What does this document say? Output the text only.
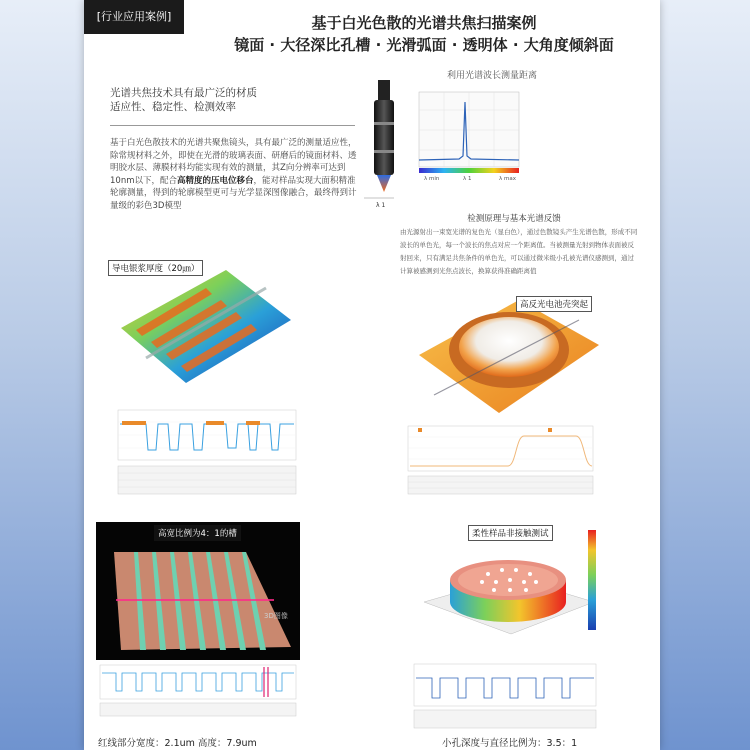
[行业应用案例]	基于白光色散的光谱共焦扫描案例
镜面 · 大径深比孔槽 · 光滑弧面 · 透明体 · 大角度倾斜面
光谱共焦技术具有最广泛的材质
适应性、稳定性、检测效率
基于白光色散技术的光谱共聚焦镜头，具有最广泛的测量适应性，除常规材料之外，即使在光滑的玻璃表面、研磨后的镜面材料、透明胶水层、薄膜材料均能实现有效的测量，其Z向分辨率可达到10nm以下，配合高精度的压电位移台，能对样品实现大面积精准轮廓测量，得到的轮廓模型更可与光学显深图像融合，最终得到计量级的彩色3D模型
利用光谱波长测量距离
λ 1
λ min	λ 1	λ max
检测原理与基本光谱反馈
由光源射出一束宽光谱的复色光（显白色），通过色散镜头产生光谱色散，形成不同波长的单色光，每一个波长的焦点对应一个距离值。当被测量光射到物体表面被反射回来，只有满足共焦条件的单色光，可以通过微米级小孔被光谱仪感测到，通过计算被感测到光焦点波长，换算获得准确距离值
导电银浆厚度（20㎛）
高反光电池壳突起
3D图像
高宽比例为4：1的槽	柔性样品非接触测试
红线部分宽度：2.1um 高度：7.9um	小孔深度与直径比例为：3.5：1
